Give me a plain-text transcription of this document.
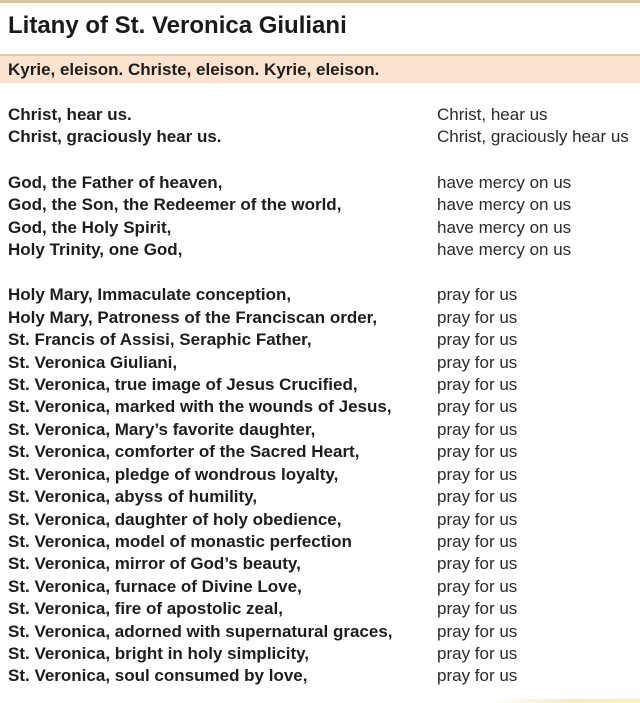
Litany of St. Veronica Giuliani
Kyrie, eleison. Christe, eleison. Kyrie, eleison.
Christ, hear us.	Christ, hear us
Christ, graciously hear us.	Christ, graciously hear us
God, the Father of heaven,	have mercy on us
God, the Son, the Redeemer of the world,	have mercy on us
God, the Holy Spirit,	have mercy on us
Holy Trinity, one God,	have mercy on us
Holy Mary, Immaculate conception,	pray for us
Holy Mary, Patroness of the Franciscan order,	pray for us
St. Francis of Assisi, Seraphic Father,	pray for us
St. Veronica Giuliani,	pray for us
St. Veronica, true image of Jesus Crucified,	pray for us
St. Veronica, marked with the wounds of Jesus,	pray for us
St. Veronica, Mary’s favorite daughter,	pray for us
St. Veronica, comforter of the Sacred Heart,	pray for us
St. Veronica, pledge of wondrous loyalty,	pray for us
St. Veronica, abyss of humility,	pray for us
St. Veronica, daughter of holy obedience,	pray for us
St. Veronica, model of monastic perfection	pray for us
St. Veronica, mirror of God’s beauty,	pray for us
St. Veronica, furnace of Divine Love,	pray for us
St. Veronica, fire of apostolic zeal,	pray for us
St. Veronica, adorned with supernatural graces,	pray for us
St. Veronica, bright in holy simplicity,	pray for us
St. Veronica, soul consumed by love,	pray for us
